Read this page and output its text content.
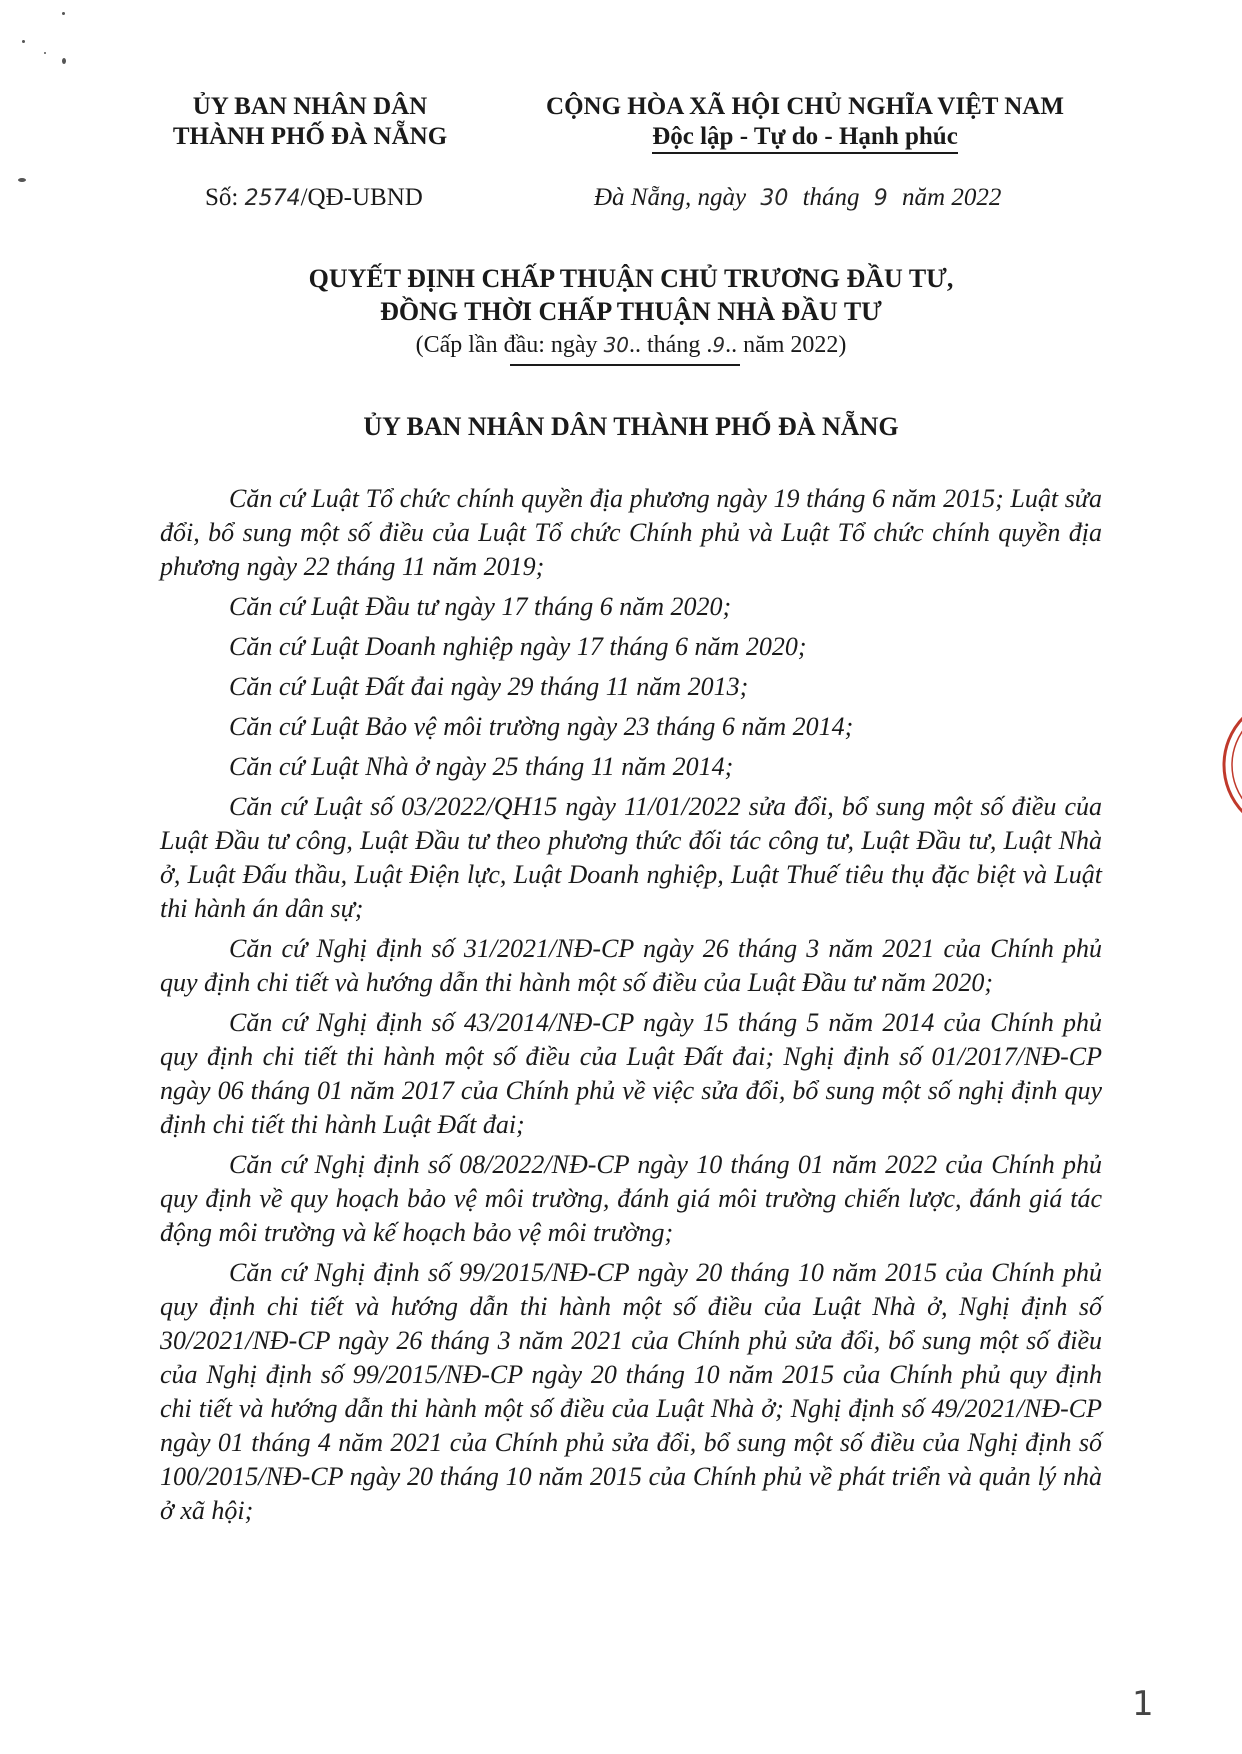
ỦY BAN NHÂN DÂN
THÀNH PHỐ ĐÀ NẴNG
CỘNG HÒA XÃ HỘI CHỦ NGHĨA VIỆT NAM
Độc lập - Tự do - Hạnh phúc
Số: 2574/QĐ-UBND	Đà Nẵng, ngày 30 tháng 9 năm 2022
QUYẾT ĐỊNH CHẤP THUẬN CHỦ TRƯƠNG ĐẦU TƯ,
ĐỒNG THỜI CHẤP THUẬN NHÀ ĐẦU TƯ
(Cấp lần đầu: ngày 30.. tháng .9.. năm 2022)
ỦY BAN NHÂN DÂN THÀNH PHỐ ĐÀ NẴNG

Căn cứ Luật Tổ chức chính quyền địa phương ngày 19 tháng 6 năm 2015; Luật sửa đổi, bổ sung một số điều của Luật Tổ chức Chính phủ và Luật Tổ chức chính quyền địa phương ngày 22 tháng 11 năm 2019;

Căn cứ Luật Đầu tư ngày 17 tháng 6 năm 2020;

Căn cứ Luật Doanh nghiệp ngày 17 tháng 6 năm 2020;

Căn cứ Luật Đất đai ngày 29 tháng 11 năm 2013;

Căn cứ Luật Bảo vệ môi trường ngày 23 tháng 6 năm 2014;

Căn cứ Luật Nhà ở ngày 25 tháng 11 năm 2014;

Căn cứ Luật số 03/2022/QH15 ngày 11/01/2022 sửa đổi, bổ sung một số điều của Luật Đầu tư công, Luật Đầu tư theo phương thức đối tác công tư, Luật Đầu tư, Luật Nhà ở, Luật Đấu thầu, Luật Điện lực, Luật Doanh nghiệp, Luật Thuế tiêu thụ đặc biệt và Luật thi hành án dân sự;

Căn cứ Nghị định số 31/2021/NĐ-CP ngày 26 tháng 3 năm 2021 của Chính phủ quy định chi tiết và hướng dẫn thi hành một số điều của Luật Đầu tư năm 2020;

Căn cứ Nghị định số 43/2014/NĐ-CP ngày 15 tháng 5 năm 2014 của Chính phủ quy định chi tiết thi hành một số điều của Luật Đất đai; Nghị định số 01/2017/NĐ-CP ngày 06 tháng 01 năm 2017 của Chính phủ về việc sửa đổi, bổ sung một số nghị định quy định chi tiết thi hành Luật Đất đai;

Căn cứ Nghị định số 08/2022/NĐ-CP ngày 10 tháng 01 năm 2022 của Chính phủ quy định về quy hoạch bảo vệ môi trường, đánh giá môi trường chiến lược, đánh giá tác động môi trường và kế hoạch bảo vệ môi trường;

Căn cứ Nghị định số 99/2015/NĐ-CP ngày 20 tháng 10 năm 2015 của Chính phủ quy định chi tiết và hướng dẫn thi hành một số điều của Luật Nhà ở, Nghị định số 30/2021/NĐ-CP ngày 26 tháng 3 năm 2021 của Chính phủ sửa đổi, bổ sung một số điều của Nghị định số 99/2015/NĐ-CP ngày 20 tháng 10 năm 2015 của Chính phủ quy định chi tiết và hướng dẫn thi hành một số điều của Luật Nhà ở; Nghị định số 49/2021/NĐ-CP ngày 01 tháng 4 năm 2021 của Chính phủ sửa đổi, bổ sung một số điều của Nghị định số 100/2015/NĐ-CP ngày 20 tháng 10 năm 2015 của Chính phủ về phát triển và quản lý nhà ở xã hội;

1
